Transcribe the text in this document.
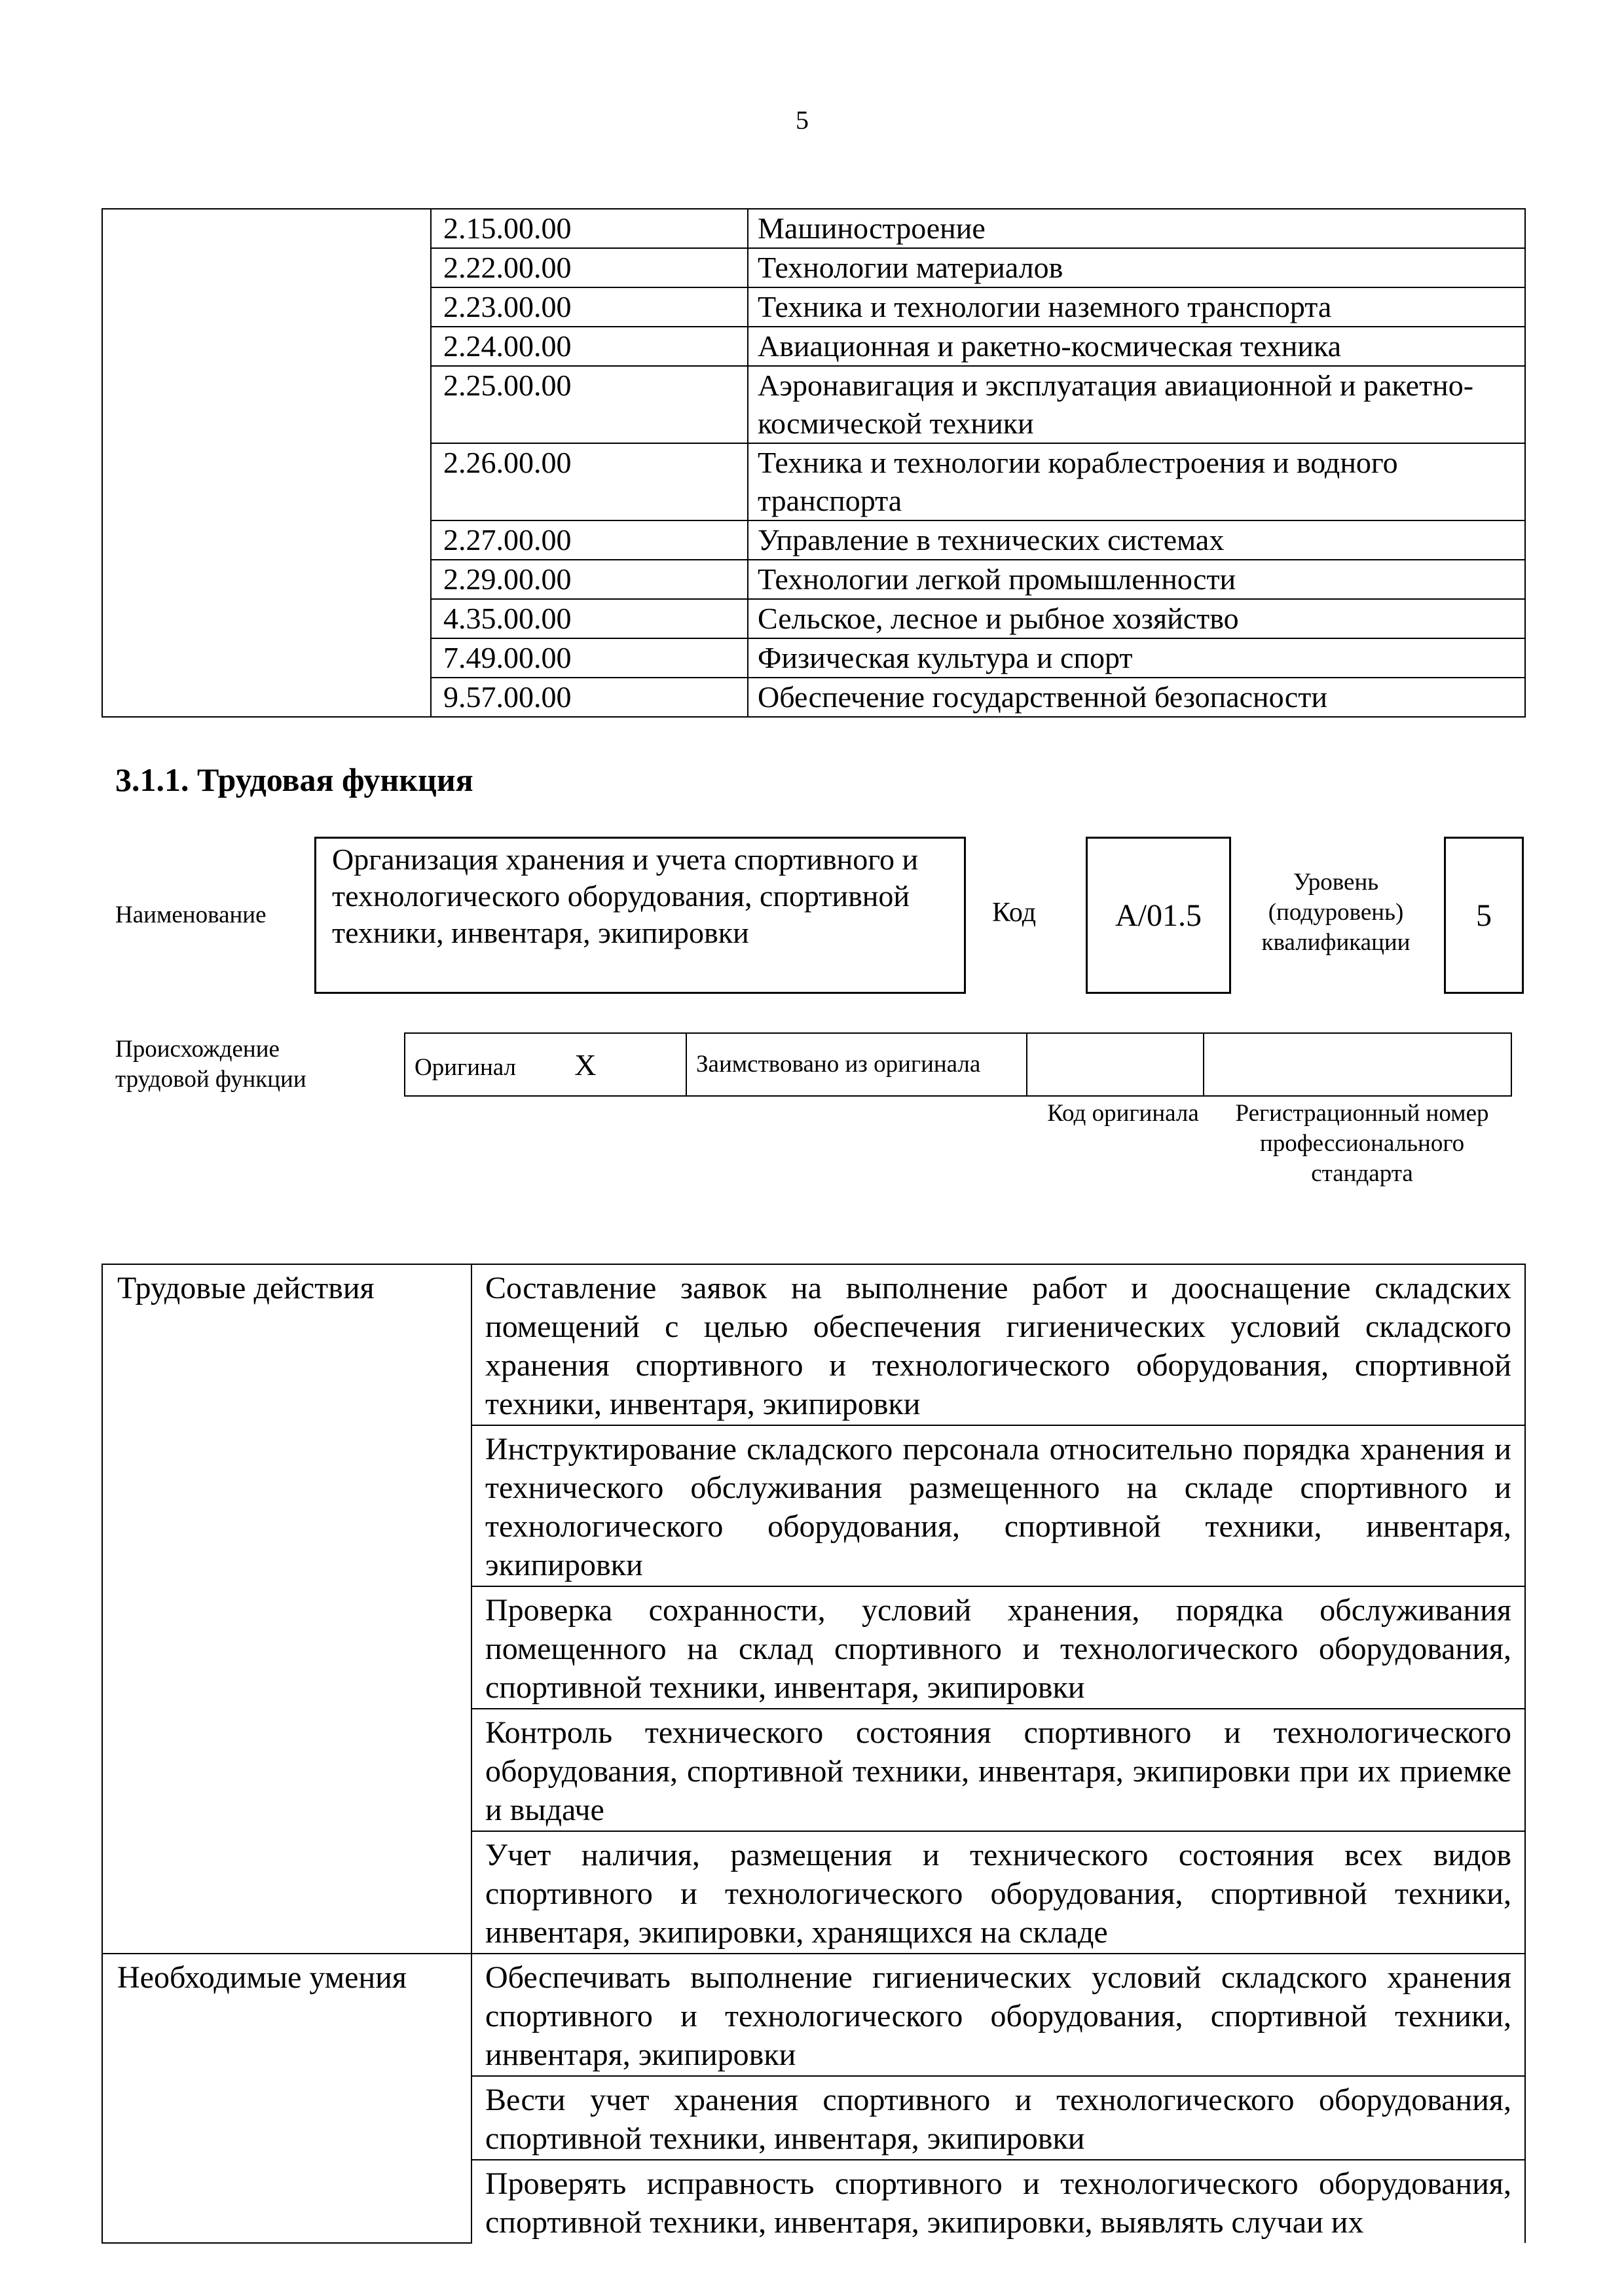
5
	2.15.00.00	Машиностроение
	2.22.00.00	Технологии материалов
	2.23.00.00	Техника и технологии наземного транспорта
	2.24.00.00	Авиационная и ракетно-космическая техника
	2.25.00.00	Аэронавигация и эксплуатация авиационной и ракетно-космической техники
	2.26.00.00	Техника и технологии кораблестроения и водного транспорта
	2.27.00.00	Управление в технических системах
	2.29.00.00	Технологии легкой промышленности
	4.35.00.00	Сельское, лесное и рыбное хозяйство
	7.49.00.00	Физическая культура и спорт
	9.57.00.00	Обеспечение государственной безопасности
3.1.1. Трудовая функция
Наименование
Организация хранения и учета спортивного и технологического оборудования, спортивной техники, инвентаря, экипировки
Код	A/01.5
Уровень (подуровень) квалификации
5
Происхождение трудовой функции	Оригинал X	Заимствовано из оригинала		
Код оригинала Регистрационный номер профессионального стандарта
Трудовые действия	Составление заявок на выполнение работ и дооснащение складских помещений с целью обеспечения гигиенических условий складского хранения спортивного и технологического оборудования, спортивной техники, инвентаря, экипировки
	Инструктирование складского персонала относительно порядка хранения и технического обслуживания размещенного на складе спортивного и технологического оборудования, спортивной техники, инвентаря, экипировки
	Проверка сохранности, условий хранения, порядка обслуживания помещенного на склад спортивного и технологического оборудования, спортивной техники, инвентаря, экипировки
	Контроль технического состояния спортивного и технологического оборудования, спортивной техники, инвентаря, экипировки при их приемке и выдаче
	Учет наличия, размещения и технического состояния всех видов спортивного и технологического оборудования, спортивной техники, инвентаря, экипировки, хранящихся на складе
Необходимые умения	Обеспечивать выполнение гигиенических условий складского хранения спортивного и технологического оборудования, спортивной техники, инвентаря, экипировки
	Вести учет хранения спортивного и технологического оборудования, спортивной техники, инвентаря, экипировки
	Проверять исправность спортивного и технологического оборудования, спортивной техники, инвентаря, экипировки, выявлять случаи их
